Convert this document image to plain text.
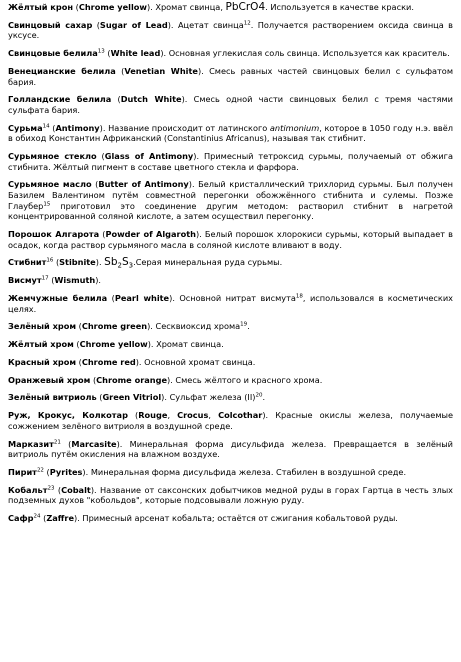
Жёлтый крон (Chrome yellow). Хромат свинца, PbCrO4. Используется в качестве краски.

Свинцовый сахар (Sugar of Lead). Ацетат свинца$^{12}$. Получается растворением оксида свинца в уксусе.

Свинцовые белила$^{13}$ (White lead). Основная углекислая соль свинца. Используется как краситель.

Венецианские белила (Venetian White). Смесь равных частей свинцовых белил с сульфатом бария.

Голландские белила (Dutch White). Смесь одной части свинцовых белил с тремя частями сульфата бария.

Сурьма$^{14}$ (Antimony). Название происходит от латинского antimonium, которое в 1050 году н.э. ввёл в обиход Константин Африканский (Constantinius Africanus), называя так стибнит.

Сурьмяное стекло (Glass of Antimony). Примесный тетроксид сурьмы, получаемый от обжига стибнита. Жёлтый пигмент в составе цветного стекла и фарфора.

Сурьмяное масло (Butter of Antimony). Белый кристаллический трихлорид сурьмы. Был получен Базилем Валентином путём совместной перегонки обожжённого стибнита и сулемы. Позже Глаубер$^{15}$ приготовил это соединение другим методом: растворил стибнит в нагретой концентрированной соляной кислоте, а затем осуществил перегонку.

Порошок Алгарота (Powder of Algaroth). Белый порошок хлорокиси сурьмы, который выпадает в осадок, когда раствор сурьмяного масла в соляной кислоте вливают в воду.

Стибнит$^{16}$ (Stibnite). Sb2S3.Серая минеральная руда сурьмы.

Висмут$^{17}$ (Wismuth).

Жемчужные белила (Pearl white). Основной нитрат висмута$^{18}$, использовался в косметических целях.

Зелёный хром (Chrome green). Сесквиоксид хрома$^{19}$.

Жёлтый хром (Chrome yellow). Хромат свинца.

Красный хром (Chrome red). Основной хромат свинца.

Оранжевый хром (Chrome orange). Смесь жёлтого и красного хрома.

Зелёный витриоль (Green Vitriol). Сульфат железа (II)$^{20}$.

Руж, Крокус, Колкотар (Rouge, Crocus, Colcothar). Красные окислы железа, получаемые сожжением зелёного витриоля в воздушной среде.

Марказит$^{21}$ (Marcasite). Минеральная форма дисульфида железа. Превращается в зелёный витриоль путём окисления на влажном воздухе.

Пирит$^{22}$ (Pyrites). Минеральная форма дисульфида железа. Стабилен в воздушной среде.

Кобальт$^{23}$ (Cobalt). Название от саксонских добытчиков медной руды в горах Гартца в честь злых подземных духов "кобольдов", которые подсовывали ложную руду.

Сафр$^{24}$ (Zaffre). Примесный арсенат кобальта; остаётся от сжигания кобальтовой руды.
